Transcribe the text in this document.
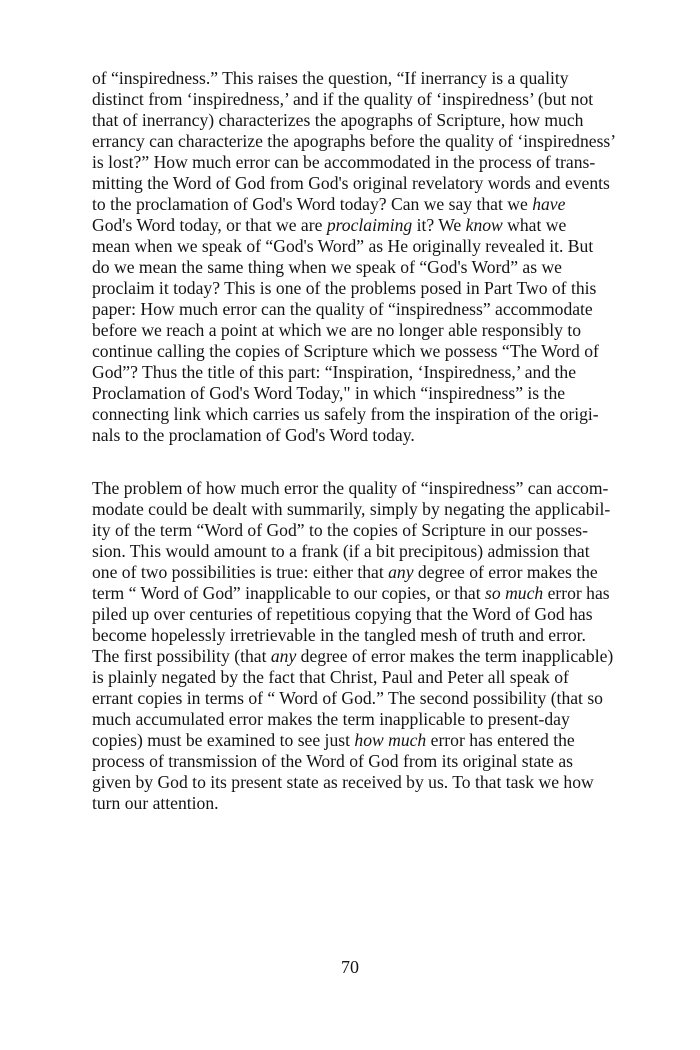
of “inspiredness.” This raises the question, “If inerrancy is a quality
distinct from ‘inspiredness,’ and if the quality of ‘inspiredness’ (but not
that of inerrancy) characterizes the apographs of Scripture, how much
errancy can characterize the apographs before the quality of ‘inspiredness’
is lost?” How much error can be accommodated in the process of trans-
mitting the Word of God from God's original revelatory words and events
to the proclamation of God's Word today? Can we say that we have
God's Word today, or that we are proclaiming it? We know what we
mean when we speak of “God's Word” as He originally revealed it. But
do we mean the same thing when we speak of “God's Word” as we
proclaim it today? This is one of the problems posed in Part Two of this
paper: How much error can the quality of “inspiredness” accommodate
before we reach a point at which we are no longer able responsibly to
continue calling the copies of Scripture which we possess “The Word of
God”? Thus the title of this part: “Inspiration, ‘Inspiredness,’ and the
Proclamation of God's Word Today," in which “inspiredness” is the
connecting link which carries us safely from the inspiration of the origi-
nals to the proclamation of God's Word today.
The problem of how much error the quality of “inspiredness” can accom-
modate could be dealt with summarily, simply by negating the applicabil-
ity of the term “Word of God” to the copies of Scripture in our posses-
sion. This would amount to a frank (if a bit precipitous) admission that
one of two possibilities is true: either that any degree of error makes the
term “ Word of God” inapplicable to our copies, or that so much error has
piled up over centuries of repetitious copying that the Word of God has
become hopelessly irretrievable in the tangled mesh of truth and error.
The first possibility (that any degree of error makes the term inapplicable)
is plainly negated by the fact that Christ, Paul and Peter all speak of
errant copies in terms of “ Word of God.” The second possibility (that so
much accumulated error makes the term inapplicable to present-day
copies) must be examined to see just how much error has entered the
process of transmission of the Word of God from its original state as
given by God to its present state as received by us. To that task we how
turn our attention.
70
